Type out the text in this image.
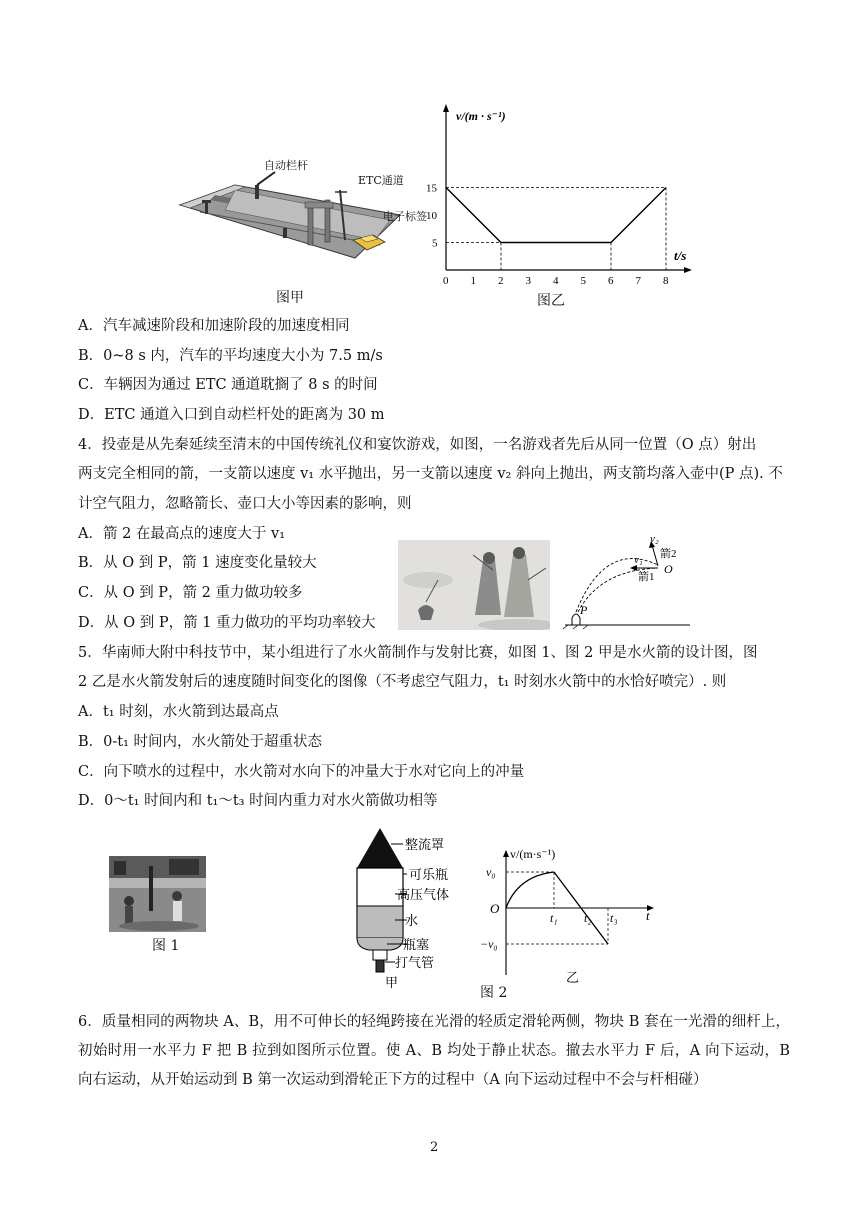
自动栏杆
ETC通道
电子标签
图甲
0 1 2 3 4 5 6 7 8
5
10
15
v/(m · s⁻¹)
t/s
图乙
A．汽车减速阶段和加速阶段的加速度相同
B．0~8 s 内，汽车的平均速度大小为 7.5 m/s
C．车辆因为通过 ETC 通道耽搁了 8 s 的时间
D．ETC 通道入口到自动栏杆处的距离为 30 m
4．投壶是从先秦延续至清末的中国传统礼仪和宴饮游戏，如图，一名游戏者先后从同一位置（O 点）射出
两支完全相同的箭，一支箭以速度 v₁ 水平抛出，另一支箭以速度 v₂ 斜向上抛出，两支箭均落入壶中(P 点). 不
计空气阻力，忽略箭长、壶口大小等因素的影响，则
A．箭 2 在最高点的速度大于 v₁
B．从 O 到 P，箭 1 速度变化量较大
C．从 O 到 P，箭 2 重力做功较多
D．从 O 到 P，箭 1 重力做功的平均功率较大
v₂
v₁ 箭2
箭1
O
P
5．华南师大附中科技节中，某小组进行了水火箭制作与发射比赛，如图 1、图 2 甲是水火箭的设计图，图
2 乙是水火箭发射后的速度随时间变化的图像（不考虑空气阻力，t₁ 时刻水火箭中的水恰好喷完）. 则
A．t₁ 时刻，水火箭到达最高点
B．0-t₁ 时间内，水火箭处于超重状态
C．向下喷水的过程中，水火箭对水向下的冲量大于水对它向上的冲量
D．0～t₁ 时间内和 t₁～t₃ 时间内重力对水火箭做功相等
图 1
整流罩
可乐瓶
高压气体
水
瓶塞
打气管
甲
v/(m·s⁻¹)
v₀
−v₀
O
t₁ t₂ t₃ t
乙
图 2
6．质量相同的两物块 A、B，用不可伸长的轻绳跨接在光滑的轻质定滑轮两侧，物块 B 套在一光滑的细杆上，初始时用一水平力 F 把 B 拉到如图所示位置。使 A、B 均处于静止状态。撤去水平力 F 后，A 向下运动，B 向右运动，从开始运动到 B 第一次运动到滑轮正下方的过程中（A 向下运动过程中不会与杆相碰）
2
